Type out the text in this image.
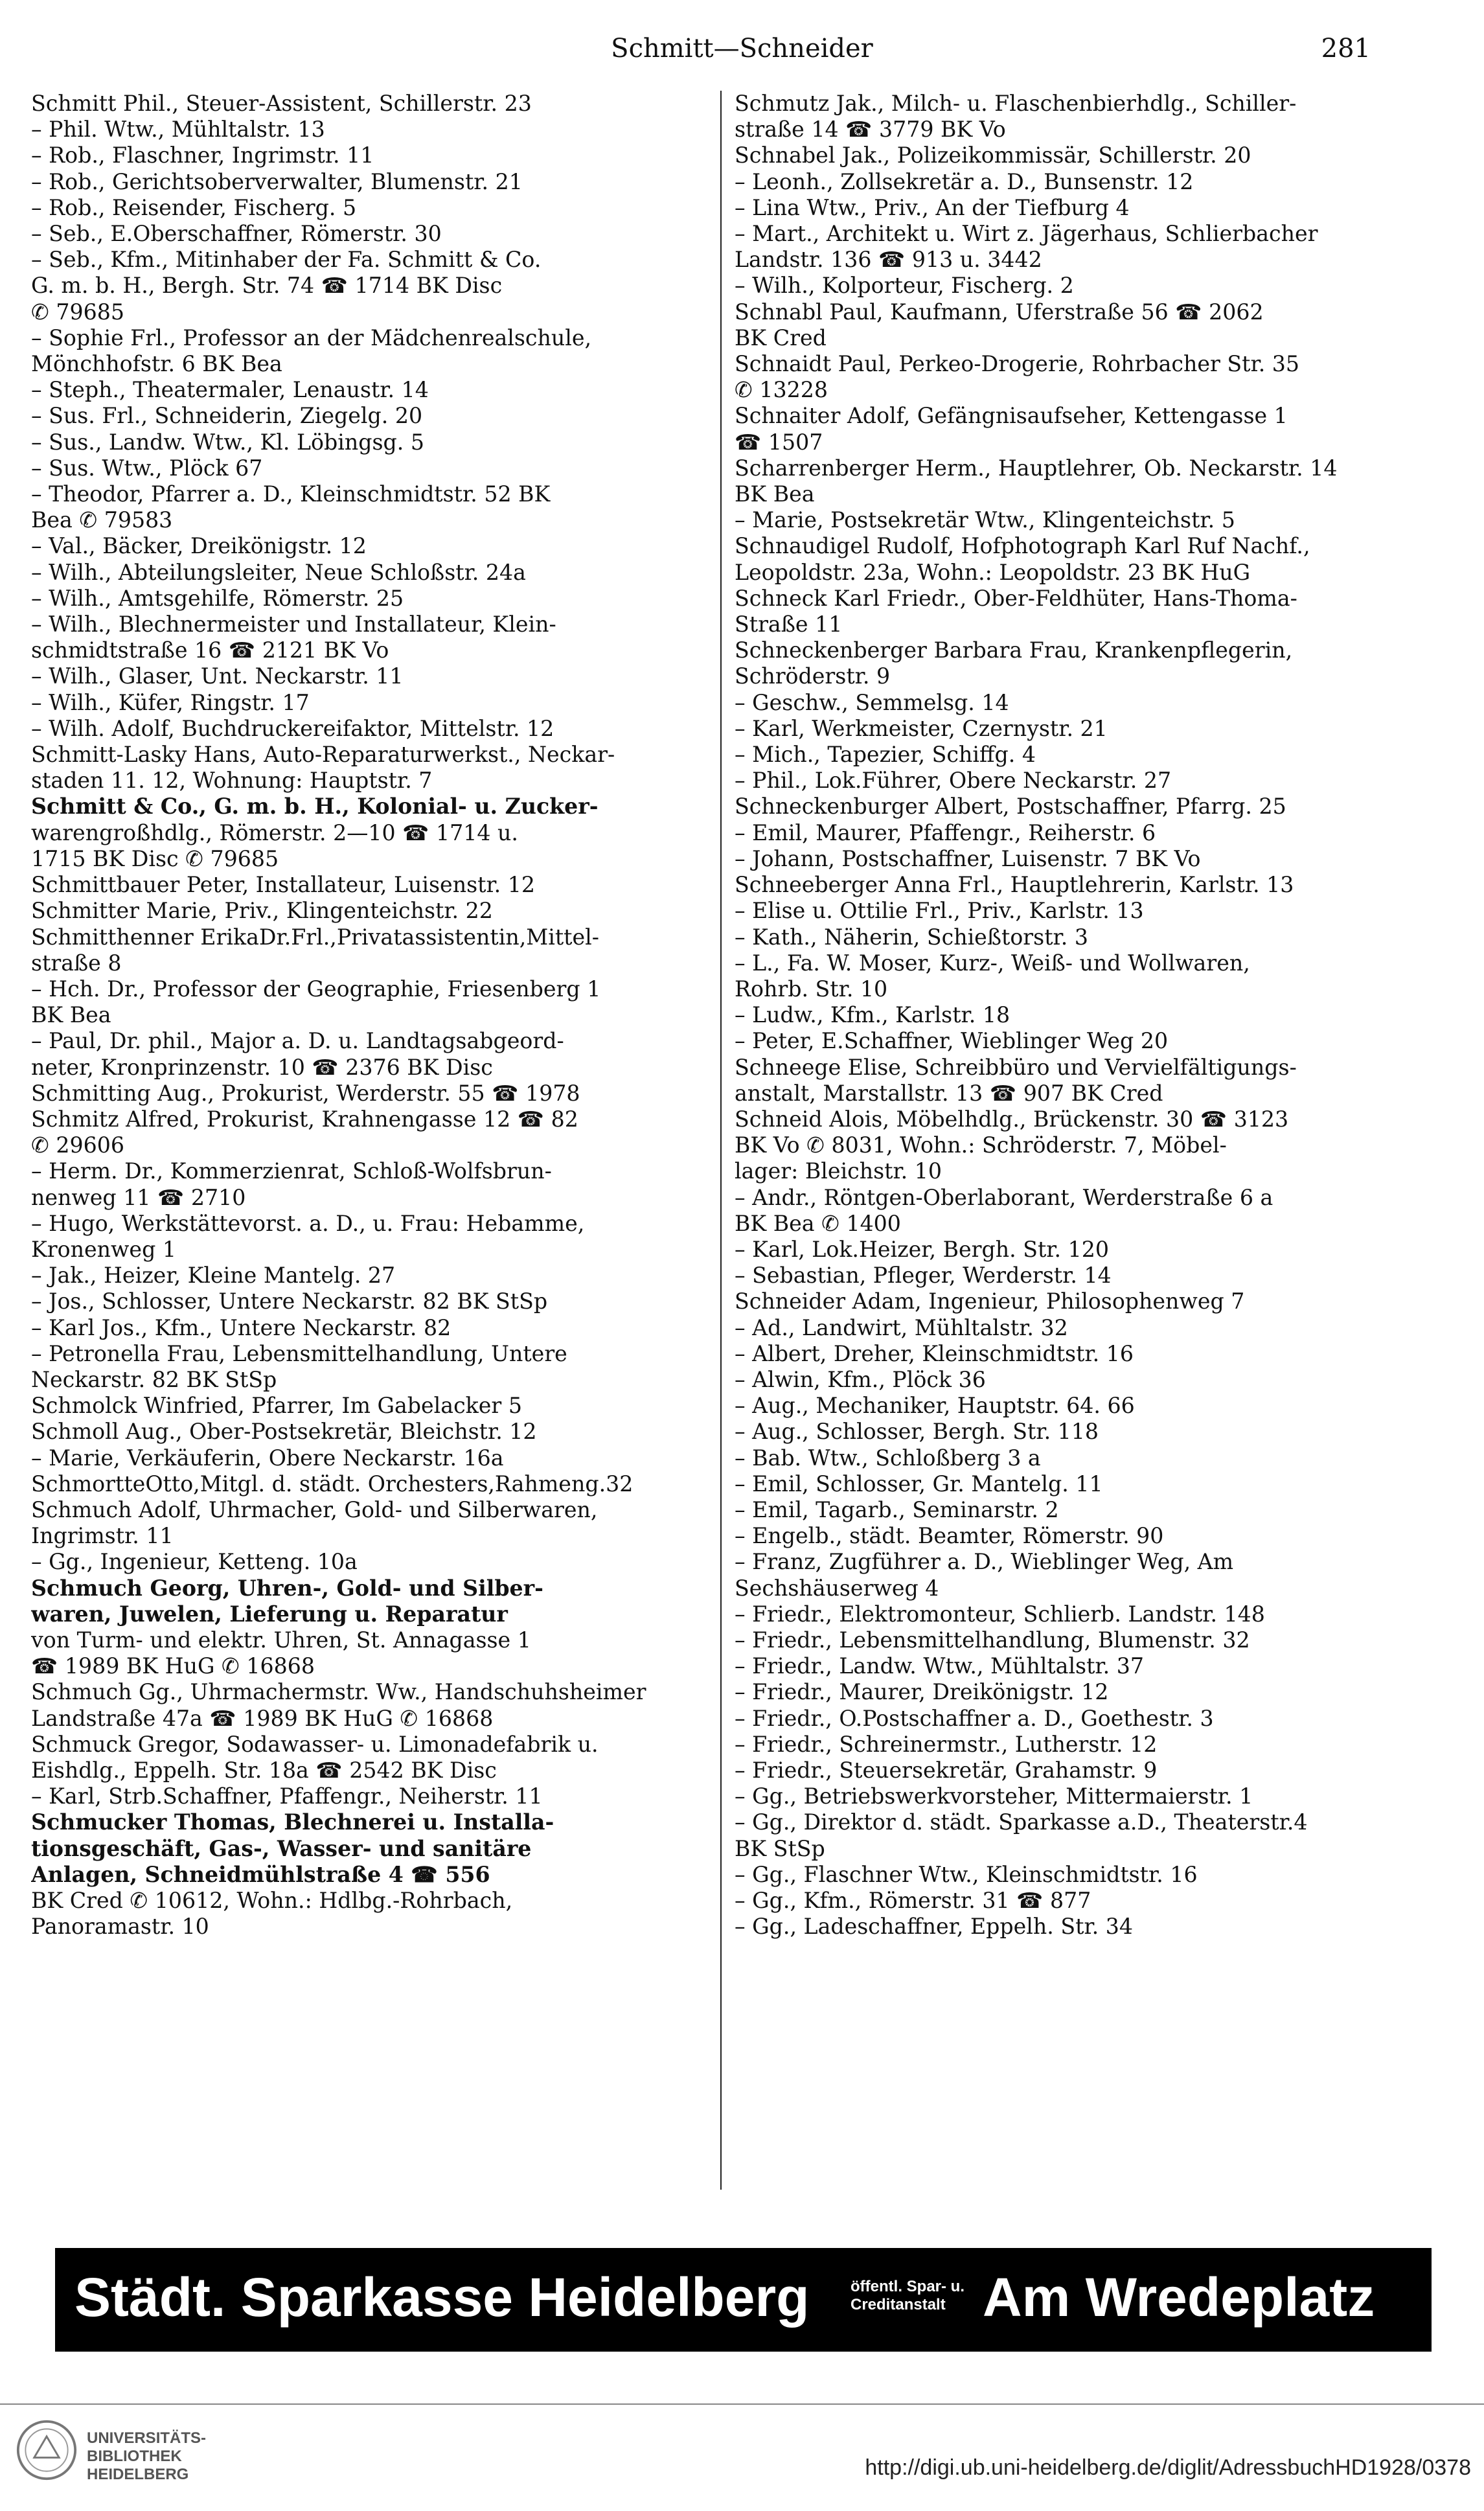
Schmitt—Schneider	281
Schmitt Phil., Steuer-Assistent, Schillerstr. 23
– Phil. Wtw., Mühltalstr. 13
– Rob., Flaschner, Ingrimstr. 11
– Rob., Gerichtsoberverwalter, Blumenstr. 21
– Rob., Reisender, Fischerg. 5
– Seb., E.Oberschaffner, Römerstr. 30
– Seb., Kfm., Mitinhaber der Fa. Schmitt & Co.
G. m. b. H., Bergh. Str. 74 ☎ 1714 BK Disc
✆ 79685
– Sophie Frl., Professor an der Mädchenrealschule,
Mönchhofstr. 6 BK Bea
– Steph., Theatermaler, Lenaustr. 14
– Sus. Frl., Schneiderin, Ziegelg. 20
– Sus., Landw. Wtw., Kl. Löbingsg. 5
– Sus. Wtw., Plöck 67
– Theodor, Pfarrer a. D., Kleinschmidtstr. 52 BK
Bea ✆ 79583
– Val., Bäcker, Dreikönigstr. 12
– Wilh., Abteilungsleiter, Neue Schloßstr. 24a
– Wilh., Amtsgehilfe, Römerstr. 25
– Wilh., Blechnermeister und Installateur, Klein-
schmidtstraße 16 ☎ 2121 BK Vo
– Wilh., Glaser, Unt. Neckarstr. 11
– Wilh., Küfer, Ringstr. 17
– Wilh. Adolf, Buchdruckereifaktor, Mittelstr. 12
Schmitt-Lasky Hans, Auto-Reparaturwerkst., Neckar-
staden 11. 12, Wohnung: Hauptstr. 7
Schmitt & Co., G. m. b. H., Kolonial- u. Zucker-
warengroßhdlg., Römerstr. 2—10 ☎ 1714 u.
1715 BK Disc ✆ 79685
Schmittbauer Peter, Installateur, Luisenstr. 12
Schmitter Marie, Priv., Klingenteichstr. 22
Schmitthenner ErikaDr.Frl.,Privatassistentin,Mittel-
straße 8
– Hch. Dr., Professor der Geographie, Friesenberg 1
BK Bea
– Paul, Dr. phil., Major a. D. u. Landtagsabgeord-
neter, Kronprinzenstr. 10 ☎ 2376 BK Disc
Schmitting Aug., Prokurist, Werderstr. 55 ☎ 1978
Schmitz Alfred, Prokurist, Krahnengasse 12 ☎ 82
✆ 29606
– Herm. Dr., Kommerzienrat, Schloß-Wolfsbrun-
nenweg 11 ☎ 2710
– Hugo, Werkstättevorst. a. D., u. Frau: Hebamme,
Kronenweg 1
– Jak., Heizer, Kleine Mantelg. 27
– Jos., Schlosser, Untere Neckarstr. 82 BK StSp
– Karl Jos., Kfm., Untere Neckarstr. 82
– Petronella Frau, Lebensmittelhandlung, Untere
Neckarstr. 82 BK StSp
Schmolck Winfried, Pfarrer, Im Gabelacker 5
Schmoll Aug., Ober-Postsekretär, Bleichstr. 12
– Marie, Verkäuferin, Obere Neckarstr. 16a
SchmortteOtto,Mitgl. d. städt. Orchesters,Rahmeng.32
Schmuch Adolf, Uhrmacher, Gold- und Silberwaren,
Ingrimstr. 11
– Gg., Ingenieur, Ketteng. 10a
Schmuch Georg, Uhren-, Gold- und Silber-
waren, Juwelen, Lieferung u. Reparatur
von Turm- und elektr. Uhren, St. Annagasse 1
☎ 1989 BK HuG ✆ 16868
Schmuch Gg., Uhrmachermstr. Ww., Handschuhsheimer
Landstraße 47a ☎ 1989 BK HuG ✆ 16868
Schmuck Gregor, Sodawasser- u. Limonadefabrik u.
Eishdlg., Eppelh. Str. 18a ☎ 2542 BK Disc
– Karl, Strb.Schaffner, Pfaffengr., Neiherstr. 11
Schmucker Thomas, Blechnerei u. Installa-
tionsgeschäft, Gas-, Wasser- und sanitäre
Anlagen, Schneidmühlstraße 4 ☎ 556
BK Cred ✆ 10612, Wohn.: Hdlbg.-Rohrbach,
Panoramastr. 10
Schmutz Jak., Milch- u. Flaschenbierhdlg., Schiller-
straße 14 ☎ 3779 BK Vo
Schnabel Jak., Polizeikommissär, Schillerstr. 20
– Leonh., Zollsekretär a. D., Bunsenstr. 12
– Lina Wtw., Priv., An der Tiefburg 4
– Mart., Architekt u. Wirt z. Jägerhaus, Schlierbacher
Landstr. 136 ☎ 913 u. 3442
– Wilh., Kolporteur, Fischerg. 2
Schnabl Paul, Kaufmann, Uferstraße 56 ☎ 2062
BK Cred
Schnaidt Paul, Perkeo-Drogerie, Rohrbacher Str. 35
✆ 13228
Schnaiter Adolf, Gefängnisaufseher, Kettengasse 1
☎ 1507
Scharrenberger Herm., Hauptlehrer, Ob. Neckarstr. 14
BK Bea
– Marie, Postsekretär Wtw., Klingenteichstr. 5
Schnaudigel Rudolf, Hofphotograph Karl Ruf Nachf.,
Leopoldstr. 23a, Wohn.: Leopoldstr. 23 BK HuG
Schneck Karl Friedr., Ober-Feldhüter, Hans-Thoma-
Straße 11
Schneckenberger Barbara Frau, Krankenpflegerin,
Schröderstr. 9
– Geschw., Semmelsg. 14
– Karl, Werkmeister, Czernystr. 21
– Mich., Tapezier, Schiffg. 4
– Phil., Lok.Führer, Obere Neckarstr. 27
Schneckenburger Albert, Postschaffner, Pfarrg. 25
– Emil, Maurer, Pfaffengr., Reiherstr. 6
– Johann, Postschaffner, Luisenstr. 7 BK Vo
Schneeberger Anna Frl., Hauptlehrerin, Karlstr. 13
– Elise u. Ottilie Frl., Priv., Karlstr. 13
– Kath., Näherin, Schießtorstr. 3
– L., Fa. W. Moser, Kurz-, Weiß- und Wollwaren,
Rohrb. Str. 10
– Ludw., Kfm., Karlstr. 18
– Peter, E.Schaffner, Wieblinger Weg 20
Schneege Elise, Schreibbüro und Vervielfältigungs-
anstalt, Marstallstr. 13 ☎ 907 BK Cred
Schneid Alois, Möbelhdlg., Brückenstr. 30 ☎ 3123
BK Vo ✆ 8031, Wohn.: Schröderstr. 7, Möbel-
lager: Bleichstr. 10
– Andr., Röntgen-Oberlaborant, Werderstraße 6 a
BK Bea ✆ 1400
– Karl, Lok.Heizer, Bergh. Str. 120
– Sebastian, Pfleger, Werderstr. 14
Schneider Adam, Ingenieur, Philosophenweg 7
– Ad., Landwirt, Mühltalstr. 32
– Albert, Dreher, Kleinschmidtstr. 16
– Alwin, Kfm., Plöck 36
– Aug., Mechaniker, Hauptstr. 64. 66
– Aug., Schlosser, Bergh. Str. 118
– Bab. Wtw., Schloßberg 3 a
– Emil, Schlosser, Gr. Mantelg. 11
– Emil, Tagarb., Seminarstr. 2
– Engelb., städt. Beamter, Römerstr. 90
– Franz, Zugführer a. D., Wieblinger Weg, Am
Sechshäuserweg 4
– Friedr., Elektromonteur, Schlierb. Landstr. 148
– Friedr., Lebensmittelhandlung, Blumenstr. 32
– Friedr., Landw. Wtw., Mühltalstr. 37
– Friedr., Maurer, Dreikönigstr. 12
– Friedr., O.Postschaffner a. D., Goethestr. 3
– Friedr., Schreinermstr., Lutherstr. 12
– Friedr., Steuersekretär, Grahamstr. 9
– Gg., Betriebswerkvorsteher, Mittermaierstr. 1
– Gg., Direktor d. städt. Sparkasse a.D., Theaterstr.4
BK StSp
– Gg., Flaschner Wtw., Kleinschmidtstr. 16
– Gg., Kfm., Römerstr. 31 ☎ 877
– Gg., Ladeschaffner, Eppelh. Str. 34
Städt. Sparkasse Heidelberg	öffentl. Spar- u.
Creditanstalt Am Wredeplatz
UNIVERSITÄTS-
BIBLIOTHEK
HEIDELBERG	http://digi.ub.uni-heidelberg.de/diglit/AdressbuchHD1928/0378
